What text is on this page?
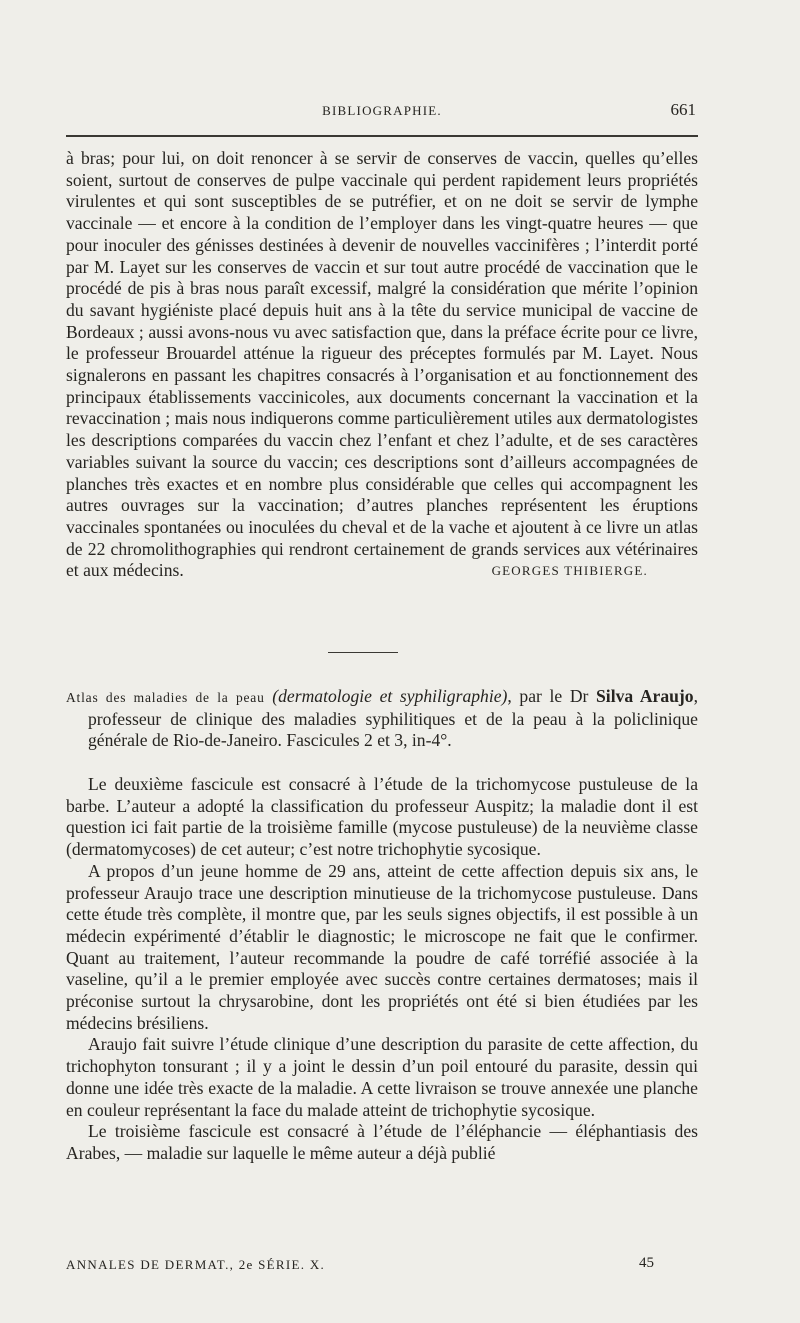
BIBLIOGRAPHIE.	661

à bras; pour lui, on doit renoncer à se servir de conserves de vaccin, quelles qu’elles soient, surtout de conserves de pulpe vaccinale qui perdent rapidement leurs propriétés virulentes et qui sont susceptibles de se putréfier, et on ne doit se servir de lymphe vaccinale — et encore à la condition de l’employer dans les vingt-quatre heures — que pour inoculer des génisses destinées à devenir de nouvelles vaccinifères ; l’interdit porté par M. Layet sur les conserves de vaccin et sur tout autre procédé de vaccination que le procédé de pis à bras nous paraît excessif, malgré la considération que mérite l’opinion du savant hygiéniste placé depuis huit ans à la tête du service municipal de vaccine de Bordeaux ; aussi avons-nous vu avec satisfaction que, dans la préface écrite pour ce livre, le professeur Brouardel atténue la rigueur des préceptes formulés par M. Layet. Nous signalerons en passant les chapitres consacrés à l’organisation et au fonctionnement des principaux établissements vaccinicoles, aux documents concernant la vaccination et la revaccination ; mais nous indiquerons comme particulièrement utiles aux dermatologistes les descriptions comparées du vaccin chez l’enfant et chez l’adulte, et de ses caractères variables suivant la source du vaccin; ces descriptions sont d’ailleurs accompagnées de planches très exactes et en nombre plus considérable que celles qui accompagnent les autres ouvrages sur la vaccination; d’autres planches représentent les éruptions vaccinales spontanées ou inoculées du cheval et de la vache et ajoutent à ce livre un atlas de 22 chromolithographies qui rendront certainement de grands services aux vétérinaires et aux médecins.	GEORGES THIBIERGE.

Atlas des maladies de la peau (dermatologie et syphiligraphie), par le Dr Silva Araujo, professeur de clinique des maladies syphilitiques et de la peau à la policlinique générale de Rio-de-Janeiro. Fascicules 2 et 3, in-4°.

Le deuxième fascicule est consacré à l’étude de la trichomycose pustuleuse de la barbe. L’auteur a adopté la classification du professeur Auspitz; la maladie dont il est question ici fait partie de la troisième famille (mycose pustuleuse) de la neuvième classe (dermatomycoses) de cet auteur; c’est notre trichophytie sycosique.

A propos d’un jeune homme de 29 ans, atteint de cette affection depuis six ans, le professeur Araujo trace une description minutieuse de la trichomycose pustuleuse. Dans cette étude très complète, il montre que, par les seuls signes objectifs, il est possible à un médecin expérimenté d’établir le diagnostic; le microscope ne fait que le confirmer. Quant au traitement, l’auteur recommande la poudre de café torréfié associée à la vaseline, qu’il a le premier employée avec succès contre certaines dermatoses; mais il préconise surtout la chrysarobine, dont les propriétés ont été si bien étudiées par les médecins brésiliens.

Araujo fait suivre l’étude clinique d’une description du parasite de cette affection, du trichophyton tonsurant ; il y a joint le dessin d’un poil entouré du parasite, dessin qui donne une idée très exacte de la maladie. A cette livraison se trouve annexée une planche en couleur représentant la face du malade atteint de trichophytie sycosique.

Le troisième fascicule est consacré à l’étude de l’éléphancie — éléphantiasis des Arabes, — maladie sur laquelle le même auteur a déjà publié

ANNALES DE DERMAT., 2e SÉRIE. X.	45
